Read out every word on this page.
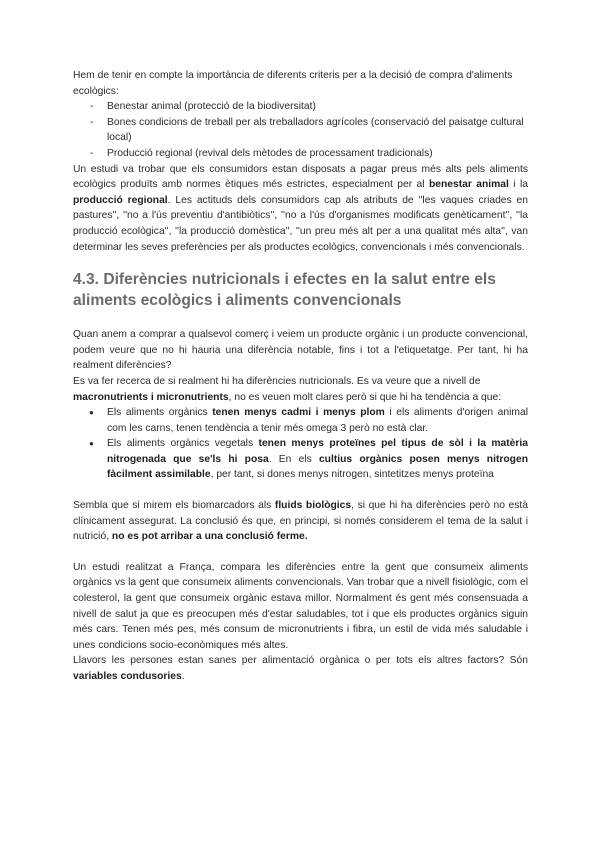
Hem de tenir en compte la importància de diferents criteris per a la decisió de compra d'aliments ecològics:

- Benestar animal (protecció de la biodiversitat)
- Bones condicions de treball per als treballadors agrícoles (conservació del paisatge cultural local)
- Producció regional (revival dels mètodes de processament tradicionals)

Un estudi va trobar que els consumidors estan disposats a pagar preus més alts pels aliments ecològics produïts amb normes ètiques més estrictes, especialment per al benestar animal i la producció regional. Les actituds dels consumidors cap als atributs de ''les vaques criades en pastures'', ''no a l'ús preventiu d'antibiòtics'', ''no a l'ús d'organismes modificats genèticament'', ''la producció ecològica'', ''la producció domèstica'', ''un preu més alt per a una qualitat més alta'', van determinar les seves preferències per als productes ecològics, convencionals i més convencionals.

4.3. Diferències nutricionals i efectes en la salut entre els aliments ecològics i aliments convencionals

Quan anem a comprar a qualsevol comerç i veiem un producte orgànic i un producte convencional, podem veure que no hi hauria una diferència notable, fins i tot a l'etiquetatge. Per tant, hi ha realment diferències?

Es va fer recerca de si realment hi ha diferències nutricionals. Es va veure que a nivell de macronutrients i micronutrients, no es veuen molt clares però si que hi ha tendència a que:

● Els aliments orgànics tenen menys cadmi i menys plom i els aliments d'origen animal com les carns, tenen tendència a tenir més omega 3 però no està clar.
● Els aliments orgànics vegetals tenen menys proteïnes pel tipus de sòl i la matèria nitrogenada que se'ls hi posa. En els cultius orgànics posen menys nitrogen fàcilment assimilable, per tant, si dones menys nitrogen, sintetitzes menys proteïna

Sembla que si mirem els biomarcadors als fluids biològics, si que hi ha diferències però no està clínicament assegurat. La conclusió és que, en principi, si només considerem el tema de la salut i nutrició, no es pot arribar a una conclusió ferme.

Un estudi realitzat a França, compara les diferències entre la gent que consumeix aliments orgànics vs la gent que consumeix aliments convencionals. Van trobar que a nivell fisiològic, com el colesterol, la gent que consumeix orgànic estava millor. Normalment és gent més consensuada a nivell de salut ja que es preocupen més d'estar saludables, tot i que els productes orgànics siguin més cars. Tenen més pes, més consum de micronutrients i fibra, un estil de vida més saludable i unes condicions socio-econòmiques més altes.

Llavors les persones estan sanes per alimentació orgànica o per tots els altres factors? Són variables condusories.
